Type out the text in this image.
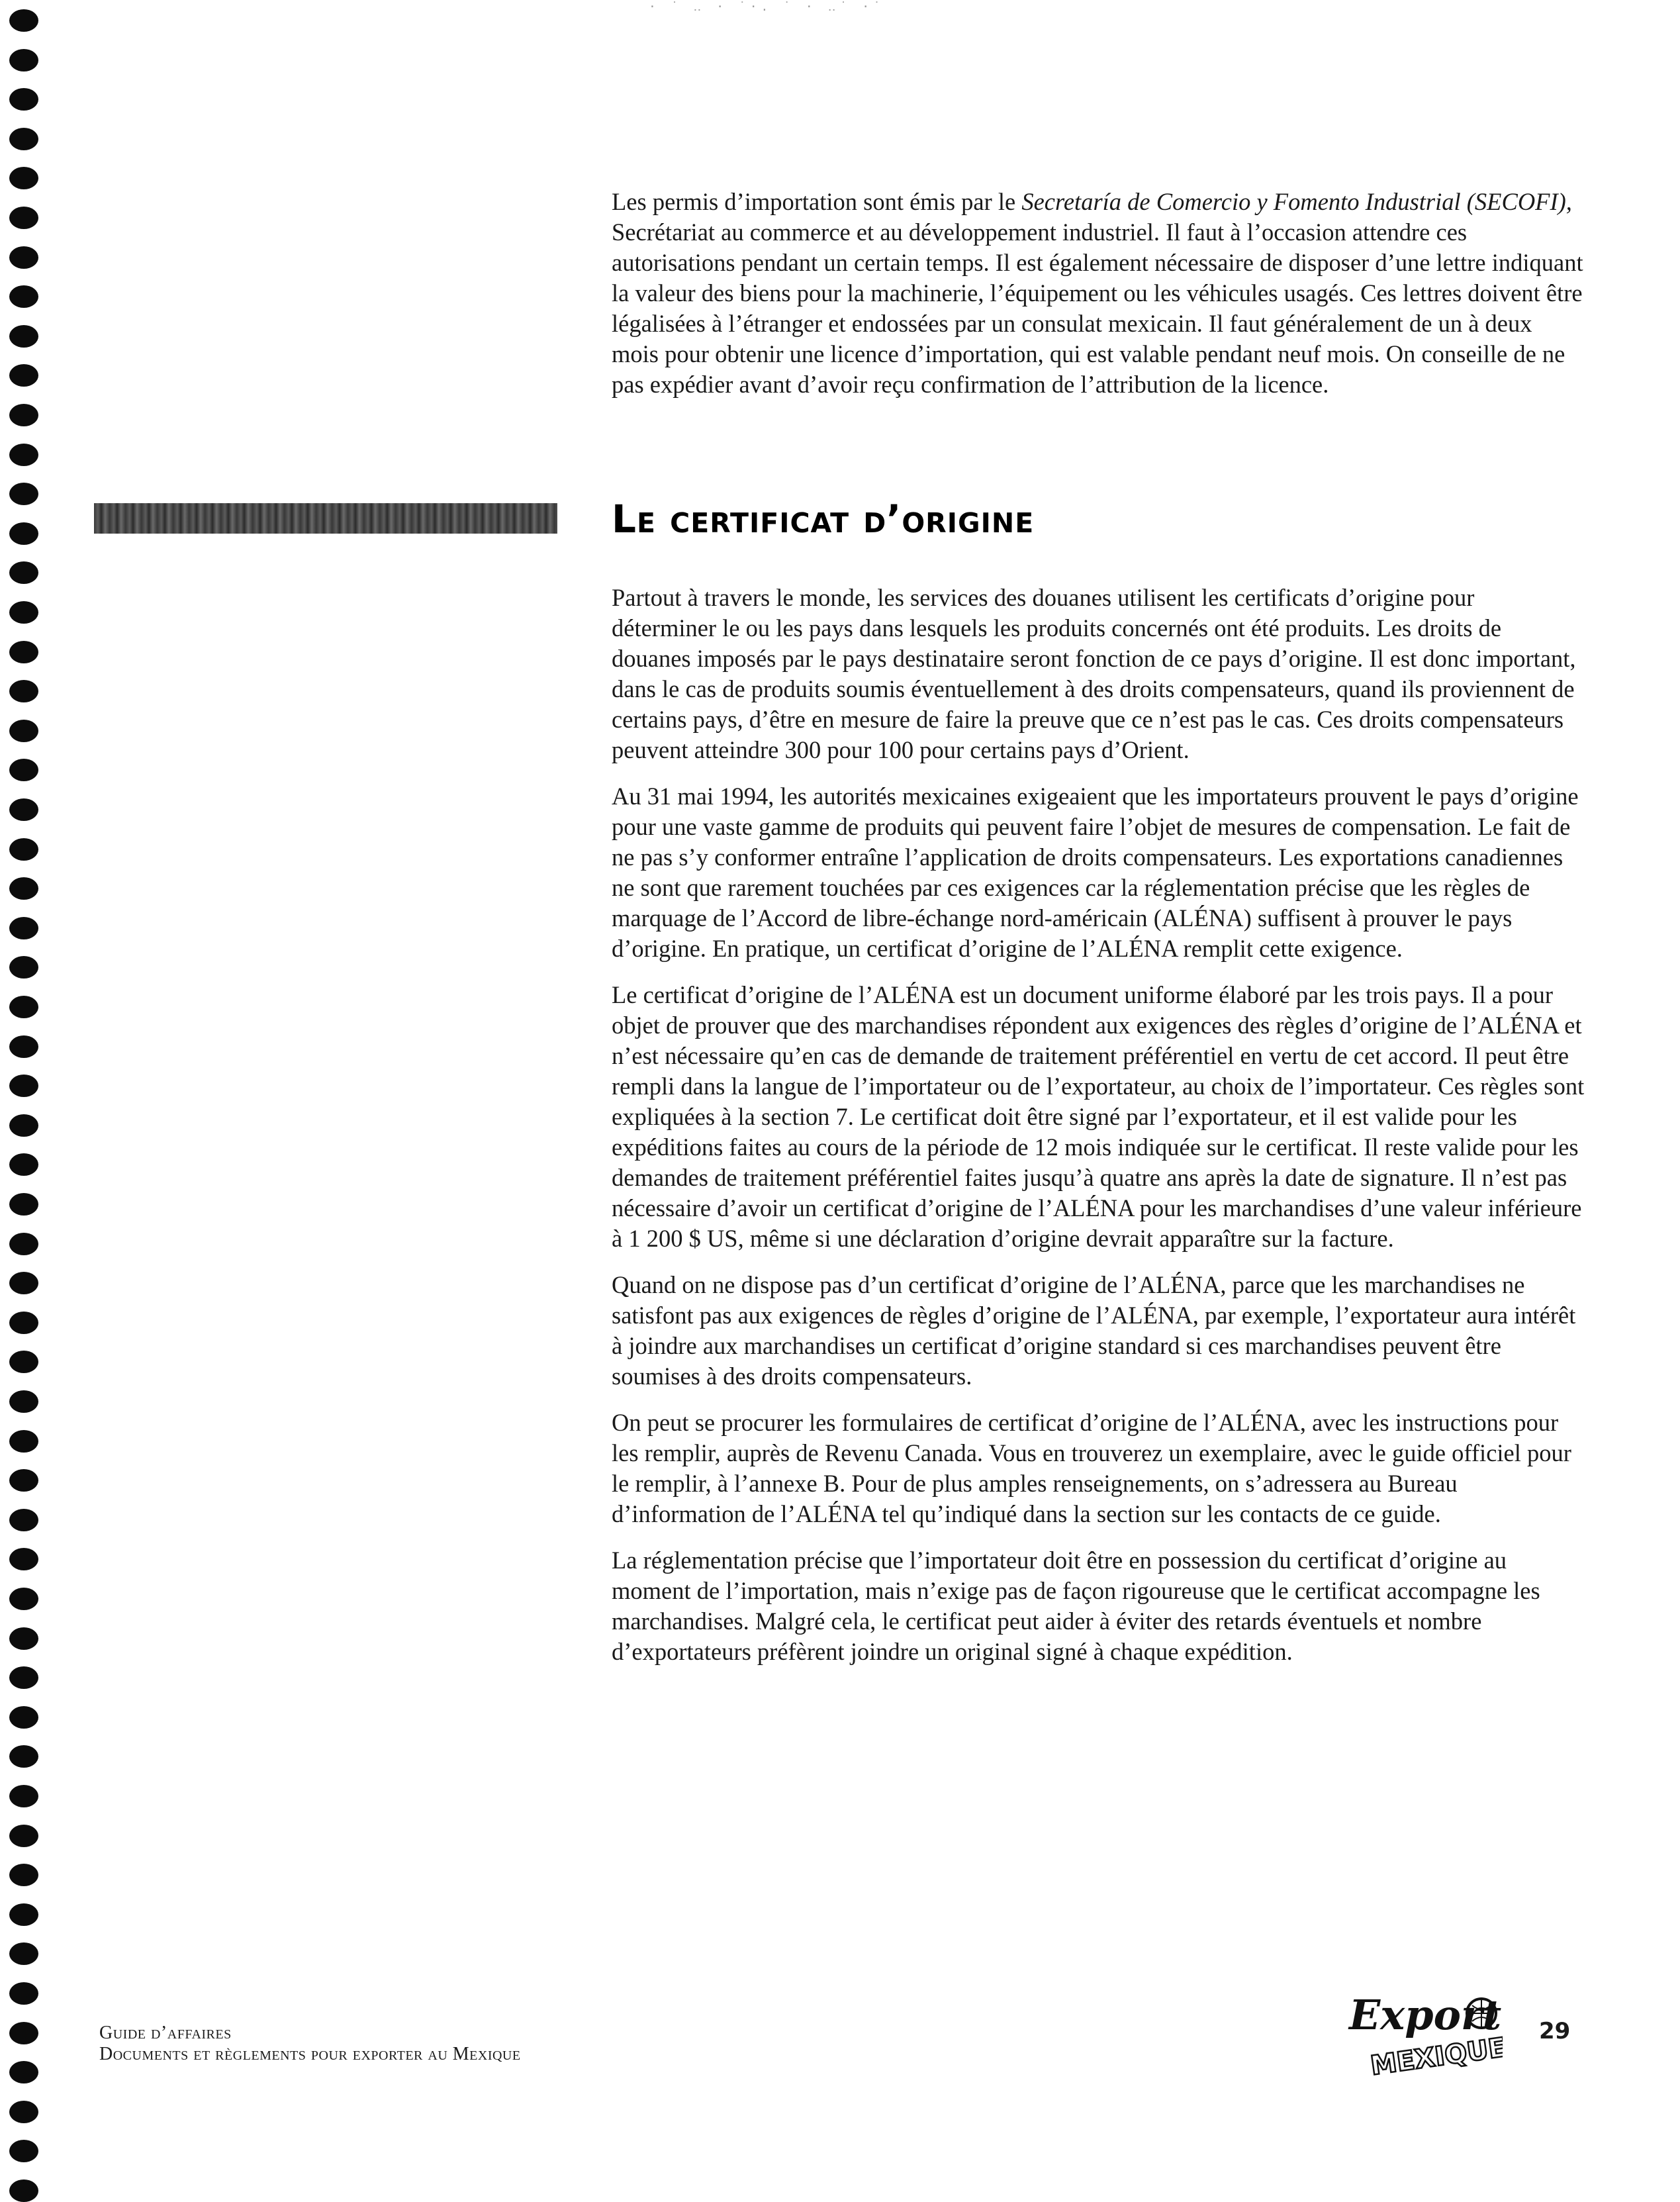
· ˙ ‥ · ˙·. ˙ · ‥˙ ·˙

Les permis d’importation sont émis par le Secretaría de Comercio y Fomento Industrial (SECOFI), Secrétariat au commerce et au développement industriel. Il faut à l’occasion attendre ces autorisations pendant un certain temps. Il est également nécessaire de disposer d’une lettre indiquant la valeur des biens pour la machinerie, l’équipement ou les véhicules usagés. Ces lettres doivent être légalisées à l’étranger et endossées par un consulat mexicain. Il faut généralement de un à deux mois pour obtenir une licence d’importation, qui est valable pendant neuf mois. On conseille de ne pas expédier avant d’avoir reçu confirmation de l’attribution de la licence.

Le certificat d’origine

Partout à travers le monde, les services des douanes utilisent les certificats d’origine pour déterminer le ou les pays dans lesquels les produits concernés ont été produits. Les droits de douanes imposés par le pays destinataire seront fonction de ce pays d’origine. Il est donc important, dans le cas de produits soumis éventuellement à des droits compensateurs, quand ils proviennent de certains pays, d’être en mesure de faire la preuve que ce n’est pas le cas. Ces droits compensateurs peuvent atteindre 300 pour 100 pour certains pays d’Orient.

Au 31 mai 1994, les autorités mexicaines exigeaient que les importateurs prouvent le pays d’origine pour une vaste gamme de produits qui peuvent faire l’objet de mesures de compensation. Le fait de ne pas s’y conformer entraîne l’application de droits compensateurs. Les exportations canadiennes ne sont que rarement touchées par ces exigences car la réglementation précise que les règles de marquage de l’Accord de libre-échange nord-américain (ALÉNA) suffisent à prouver le pays d’origine. En pratique, un certificat d’origine de l’ALÉNA remplit cette exigence.

Le certificat d’origine de l’ALÉNA est un document uniforme élaboré par les trois pays. Il a pour objet de prouver que des marchandises répondent aux exigences des règles d’origine de l’ALÉNA et n’est nécessaire qu’en cas de demande de traitement préférentiel en vertu de cet accord. Il peut être rempli dans la langue de l’importateur ou de l’exportateur, au choix de l’importateur. Ces règles sont expliquées à la section 7. Le certificat doit être signé par l’exportateur, et il est valide pour les expéditions faites au cours de la période de 12 mois indiquée sur le certificat. Il reste valide pour les demandes de traitement préférentiel faites jusqu’à quatre ans après la date de signature. Il n’est pas nécessaire d’avoir un certificat d’origine de l’ALÉNA pour les marchandises d’une valeur inférieure à 1 200 $ US, même si une déclaration d’origine devrait apparaître sur la facture.

Quand on ne dispose pas d’un certificat d’origine de l’ALÉNA, parce que les marchandises ne satisfont pas aux exigences de règles d’origine de l’ALÉNA, par exemple, l’exportateur aura intérêt à joindre aux marchandises un certificat d’origine standard si ces marchandises peuvent être soumises à des droits compensateurs.

On peut se procurer les formulaires de certificat d’origine de l’ALÉNA, avec les instructions pour les remplir, auprès de Revenu Canada. Vous en trouverez un exemplaire, avec le guide officiel pour le remplir, à l’annexe B. Pour de plus amples renseignements, on s’adressera au Bureau d’information de l’ALÉNA tel qu’indiqué dans la section sur les contacts de ce guide.

La réglementation précise que l’importateur doit être en possession du certificat d’origine au moment de l’importation, mais n’exige pas de façon rigoureuse que le certificat accompagne les marchandises. Malgré cela, le certificat peut aider à éviter des retards éventuels et nombre d’exportateurs préfèrent joindre un original signé à chaque expédition.

Guide d’affaires
Documents et règlements pour exporter au Mexique
Export
MEXIQUE
29
